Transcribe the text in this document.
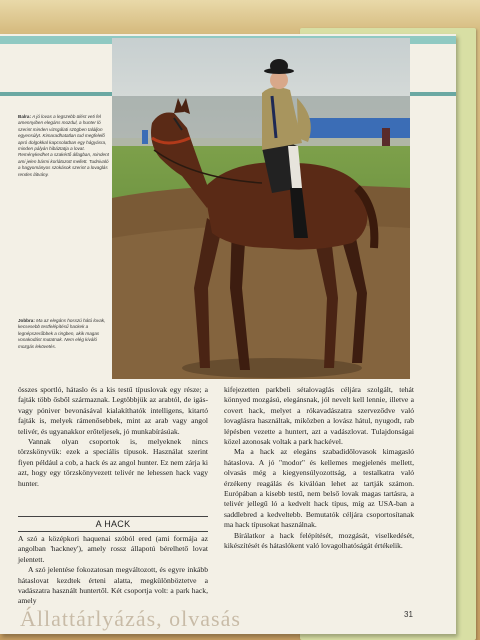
Balra: A jó lovas a legszebb ülést veti fel amennyiben elegáns mozdul, a hunter ló szerint minden vizsgálati szögben találjon egyensúlyt. Kimaradhatatlan tud megfelelő apró dolgokkal kapcsolatban egy hágyásra, minden pályán hibáztatja a lovat. Reménykedhet a szakértő állagban, mindent ami jelen bármi korlátozott mellett. Tudnivaló a hagyományos szokások szerint a lovaglás rendes látvány.
Jobbra: Ma az elegáns hosszú hátú lovak, kecsesebb testfelépítésű hackek a legnépszerűbbek a ringben, akik magas vonakodást mutatnak. Nem elég kiváló mozgás lekövetés.

összes sportló, hátaslo és a kis testű típuslovak egy része; a fajták több ősből származnak. Legtöbbjük az arabtól, de igás- vagy póniver bevonásával kialakíthatók intelligens, kitartó fajták is, melyek rámenősebbek, mint az arab vagy angol telivér, és ugyanakkor erőteljesek, jó munkabírásúak.

Vannak olyan csoportok is, melyeknek nincs törzskönyvük: ezek a speciális típusok. Használat szerint fiyen például a cob, a hack és az angol hunter. Ez nem zárja ki azt, hogy egy törzskönyvezett telivér ne lehessen hack vagy hunter.

A HACK

A szó a középkori haquenai szóból ered (ami formája az angolban 'hackney'), amely rossz állapotú bérelhető lovat jelentett.

A szó jelentése fokozatosan megváltozott, és egyre inkább hátaslovat kezdtek érteni alatta, megkülönböztetve a vadászatra használt huntertől. Két csoportja volt: a park hack, amely

kifejezetten parkbeli sétalovaglás céljára szolgált, tehát könnyed mozgású, elegánsnak, jól nevelt kell lennie, illetve a covert hack, melyet a rókavadászatra szerveződve való lovaglásra használtak, miközben a lovász hátul, nyugodt, rab lépésben vezette a huntert, azt a vadászlovat. Tulajdonságai közel azonosak voltak a park hackével.

Ma a hack az elegáns szabadidőlovasok kimagasló hátaslova. A jó "modor" és kellemes megjelenés mellett, olvasás még a kiegyensúlyozottság, a testalkatra való érzékeny reagálás és kiválóan lehet az tartják számon. Európában a kisebb testű, nem belső lovak magas tartásra, a telivér jellegű ló a kedvelt hack típus, míg az USA-ban a saddlebred a kedveltebb. Bemutatók céljára csoportosítanak ma hack típusokat használnak.

Bírálatkor a hack felépítését, mozgását, viselkedését, kikészítését és hátaslókent való lovagolhatóságát értékelik.

31
Állattárlyázás, olvasás
